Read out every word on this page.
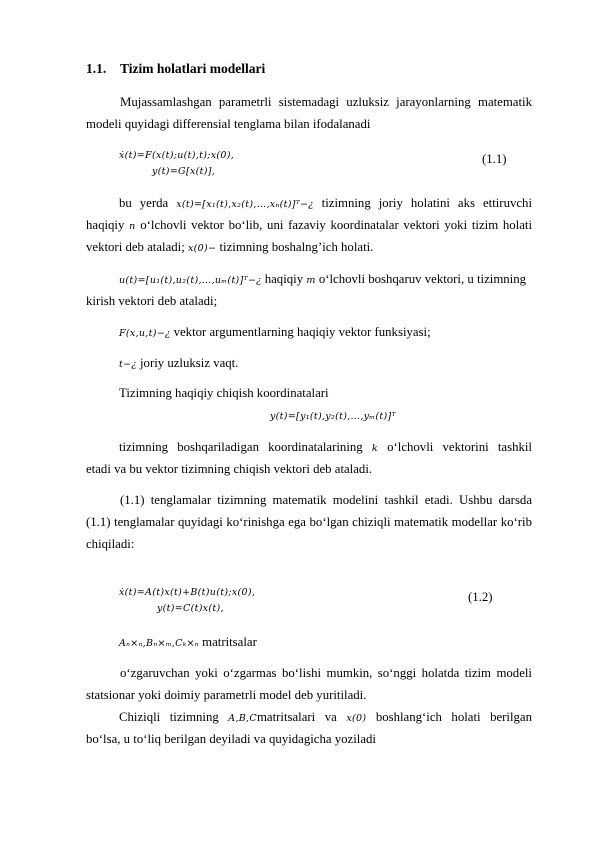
1.1. Tizim holatlari modellari
Mujassamlashgan parametrli sistemadagi uzluksiz jarayonlarning matematik modeli quyidagi differensial tenglama bilan ifodalanadi
ẋ(t)=F(x(t);u(t),t);x(0),
y(t)=G[x(t)],
(1.1)
bu yerda x(t)=[x₁(t),x₂(t),…,xₙ(t)]ᵀ−¿ tizimning joriy holatini aks ettiruvchi
haqiqiy n o‘lchovli vektor bo‘lib, uni fazaviy koordinatalar vektori yoki tizim holati
vektori deb ataladi; x(0)− tizimning boshalng’ich holati.
u(t)=[u₁(t),u₂(t),…,uₘ(t)]ᵀ−¿ haqiqiy m o‘lchovli boshqaruv vektori, u tizimning
kirish vektori deb ataladi;
F(x,u,t)−¿ vektor argumentlarning haqiqiy vektor funksiyasi;
t−¿ joriy uzluksiz vaqt.
Tizimning haqiqiy chiqish koordinatalari
y(t)=[y₁(t),y₂(t),…,yₘ(t)]ᵀ
tizimning boshqariladigan koordinatalarining k o‘lchovli vektorini tashkil
etadi va bu vektor tizimning chiqish vektori deb ataladi.
(1.1) tenglamalar tizimning matematik modelini tashkil etadi. Ushbu darsda (1.1) tenglamalar quyidagi ko‘rinishga ega bo‘lgan chiziqli matematik modellar ko‘rib chiqiladi:
ẋ(t)=A(t)x(t)+B(t)u(t);x(0),
y(t)=C(t)x(t),
(1.2)
Aₙ×ₙ,Bₙ×ₘ,Cₖ×ₙ matritsalar
o‘zgaruvchan yoki o‘zgarmas bo‘lishi mumkin, so‘nggi holatda tizim modeli statsionar yoki doimiy parametrli model deb yuritiladi.
Chiziqli tizimning A,B,Cmatritsalari va x(0) boshlang‘ich holati berilgan
bo‘lsa, u to‘liq berilgan deyiladi va quyidagicha yoziladi
